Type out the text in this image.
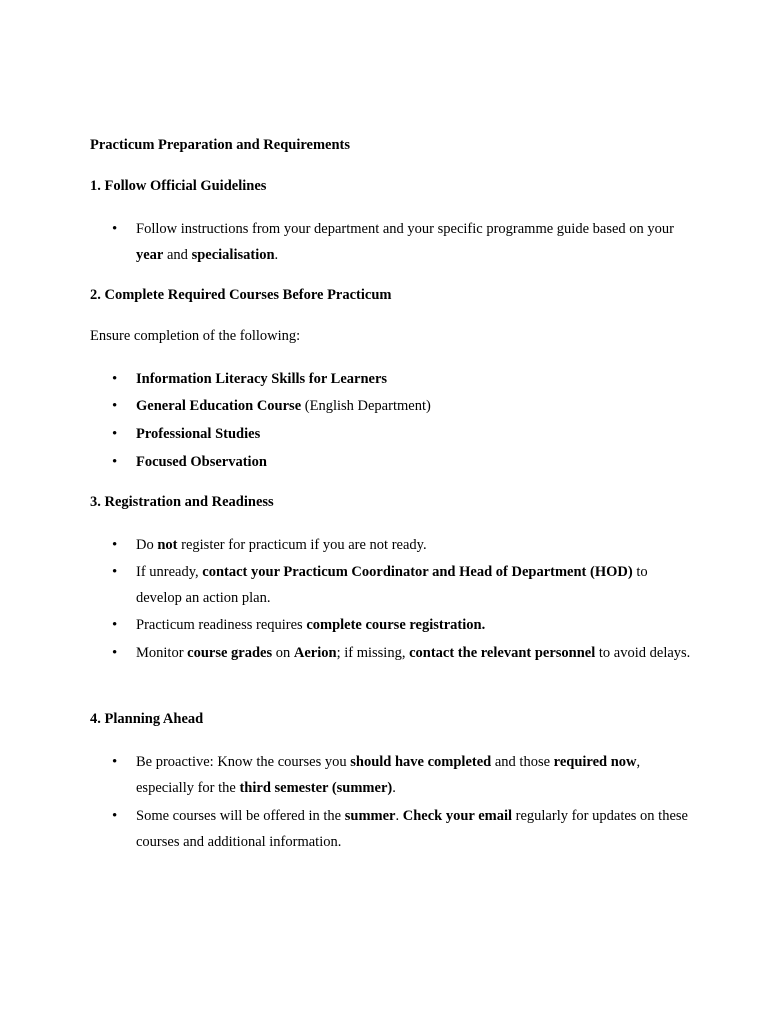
Practicum Preparation and Requirements
1. Follow Official Guidelines
• Follow instructions from your department and your specific programme guide based on your year and specialisation.

2. Complete Required Courses Before Practicum

Ensure completion of the following:

• Information Literacy Skills for Learners

• General Education Course (English Department)

• Professional Studies

• Focused Observation

3. Registration and Readiness
• Do not register for practicum if you are not ready.

• If unready, contact your Practicum Coordinator and Head of Department (HOD) to develop an action plan.

• Practicum readiness requires complete course registration.

• Monitor course grades on Aerion; if missing, contact the relevant personnel to avoid delays.

4. Planning Ahead
• Be proactive: Know the courses you should have completed and those required now, especially for the third semester (summer).

• Some courses will be offered in the summer. Check your email regularly for updates on these courses and additional information.
